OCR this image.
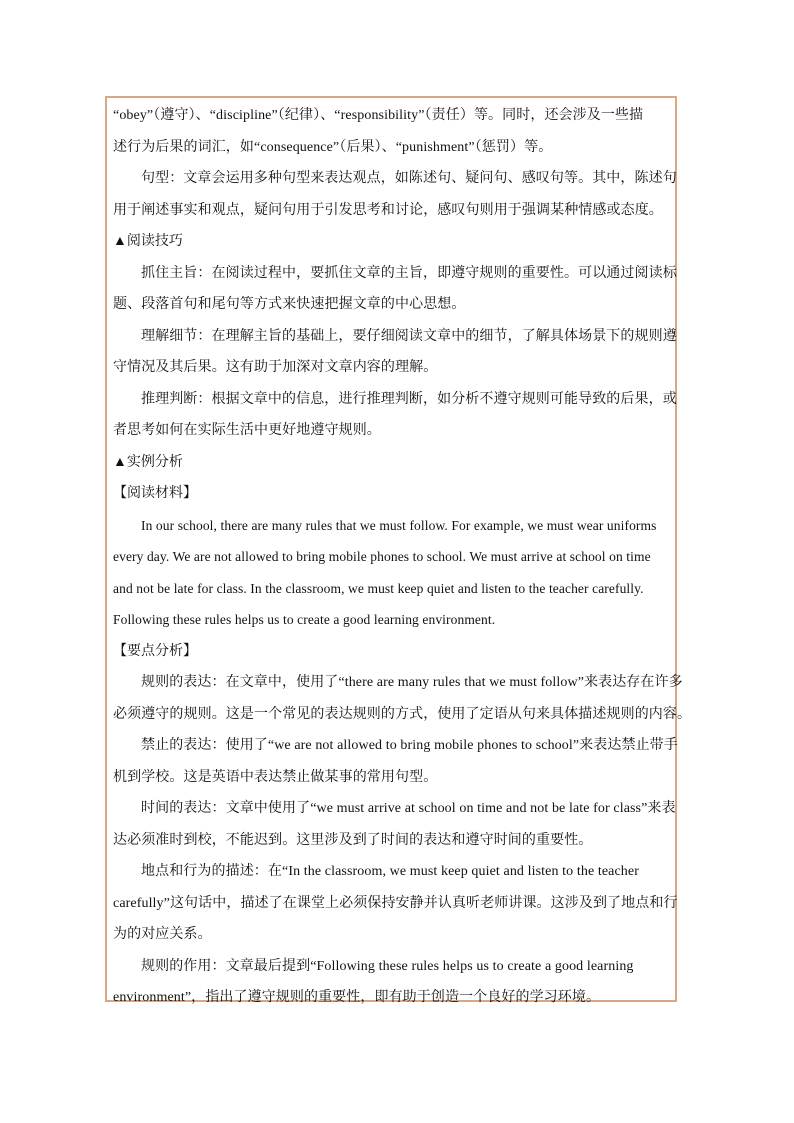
“obey”（遵守）、“discipline”（纪律）、“responsibility”（责任）等。同时，还会涉及一些描
述行为后果的词汇，如“consequence”（后果）、“punishment”（惩罚）等。
句型：文章会运用多种句型来表达观点，如陈述句、疑问句、感叹句等。其中，陈述句
用于阐述事实和观点，疑问句用于引发思考和讨论，感叹句则用于强调某种情感或态度。
▲阅读技巧
抓住主旨：在阅读过程中，要抓住文章的主旨，即遵守规则的重要性。可以通过阅读标
题、段落首句和尾句等方式来快速把握文章的中心思想。
理解细节：在理解主旨的基础上，要仔细阅读文章中的细节，了解具体场景下的规则遵
守情况及其后果。这有助于加深对文章内容的理解。
推理判断：根据文章中的信息，进行推理判断，如分析不遵守规则可能导致的后果，或
者思考如何在实际生活中更好地遵守规则。
▲实例分析
【阅读材料】
In our school, there are many rules that we must follow. For example, we must wear uniforms
every day. We are not allowed to bring mobile phones to school. We must arrive at school on time
and not be late for class. In the classroom, we must keep quiet and listen to the teacher carefully.
Following these rules helps us to create a good learning environment.
【要点分析】
规则的表达：在文章中，使用了“there are many rules that we must follow”来表达存在许多
必须遵守的规则。这是一个常见的表达规则的方式，使用了定语从句来具体描述规则的内容。
禁止的表达：使用了“we are not allowed to bring mobile phones to school”来表达禁止带手
机到学校。这是英语中表达禁止做某事的常用句型。
时间的表达：文章中使用了“we must arrive at school on time and not be late for class”来表
达必须准时到校，不能迟到。这里涉及到了时间的表达和遵守时间的重要性。
地点和行为的描述：在“In the classroom, we must keep quiet and listen to the teacher
carefully”这句话中，描述了在课堂上必须保持安静并认真听老师讲课。这涉及到了地点和行
为的对应关系。
规则的作用：文章最后提到“Following these rules helps us to create a good learning
environment”，指出了遵守规则的重要性，即有助于创造一个良好的学习环境。
